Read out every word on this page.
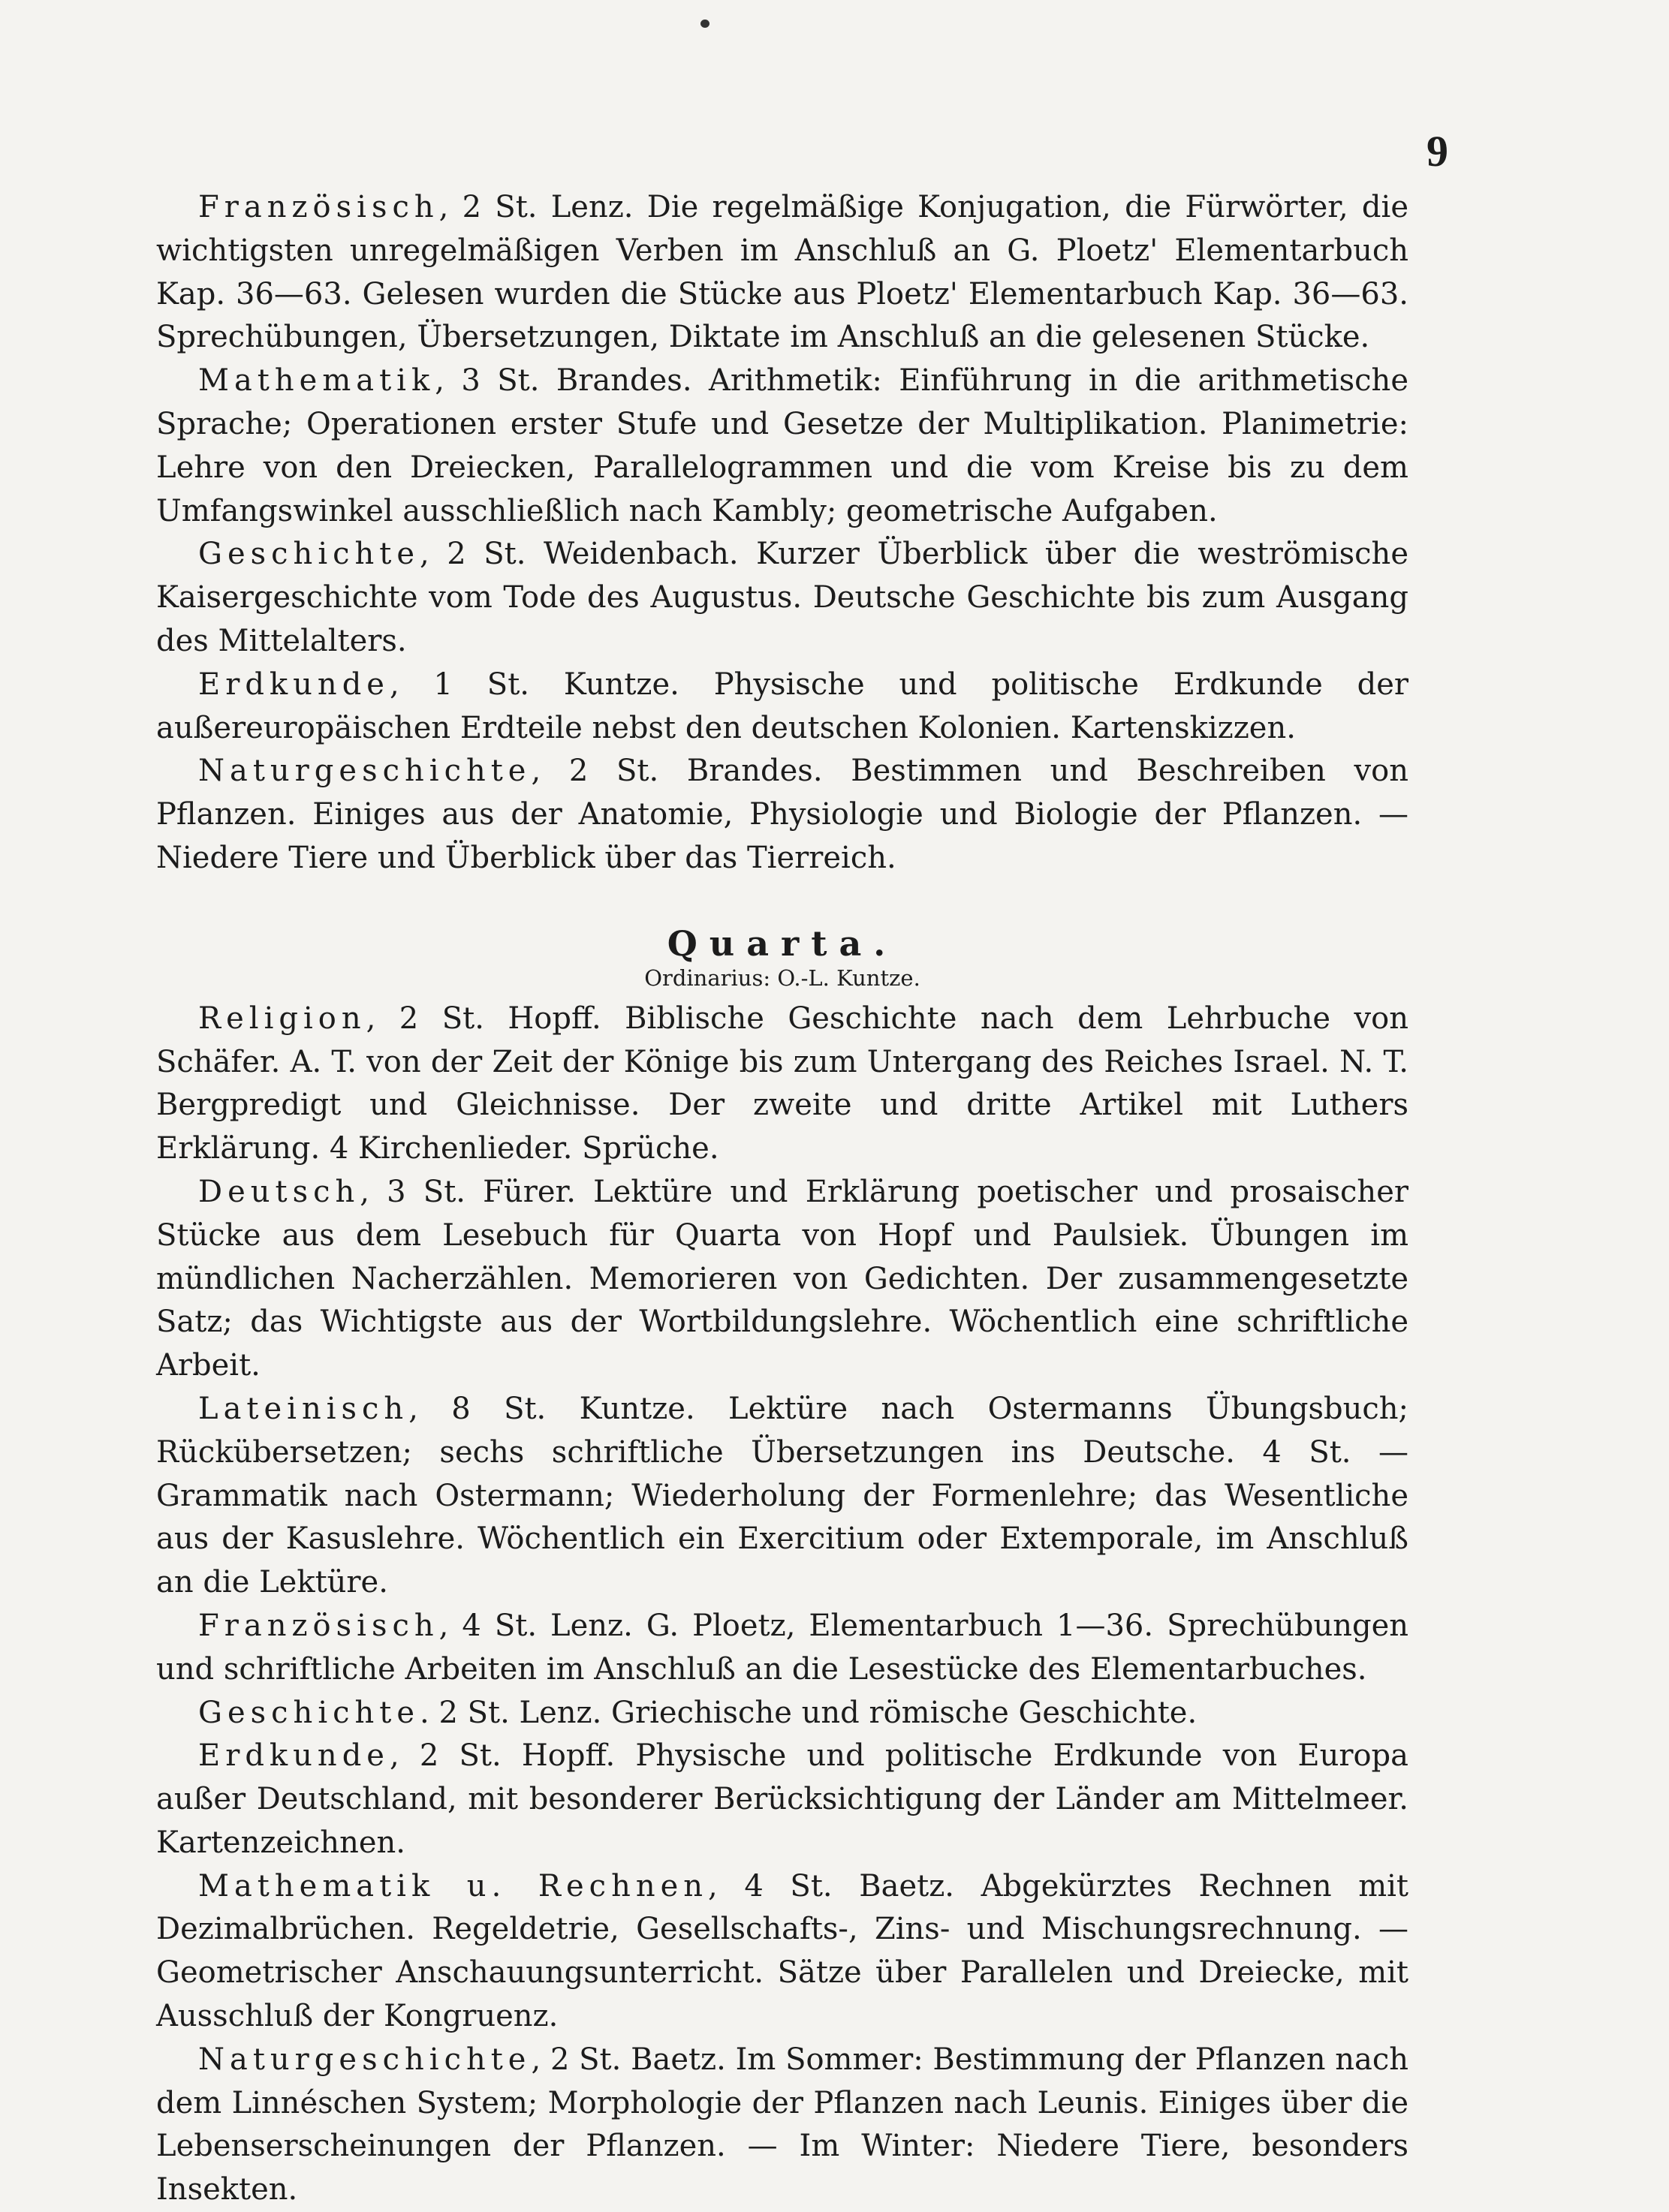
9

Französisch, 2 St. Lenz. Die regelmäßige Konjugation, die Fürwörter, die wichtigsten unregelmäßigen Verben im Anschluß an G. Ploetz' Elementarbuch Kap. 36—63. Gelesen wurden die Stücke aus Ploetz' Elementarbuch Kap. 36—63. Sprechübungen, Übersetzungen, Diktate im Anschluß an die gelesenen Stücke.

Mathematik, 3 St. Brandes. Arithmetik: Einführung in die arithmetische Sprache; Operationen erster Stufe und Gesetze der Multiplikation. Planimetrie: Lehre von den Dreiecken, Parallelogrammen und die vom Kreise bis zu dem Umfangswinkel ausschließlich nach Kambly; geometrische Aufgaben.

Geschichte, 2 St. Weidenbach. Kurzer Überblick über die weströmische Kaisergeschichte vom Tode des Augustus. Deutsche Geschichte bis zum Ausgang des Mittelalters.

Erdkunde, 1 St. Kuntze. Physische und politische Erdkunde der außereuropäischen Erdteile nebst den deutschen Kolonien. Kartenskizzen.

Naturgeschichte, 2 St. Brandes. Bestimmen und Beschreiben von Pflanzen. Einiges aus der Anatomie, Physiologie und Biologie der Pflanzen. — Niedere Tiere und Überblick über das Tierreich.

Quarta.
Ordinarius: O.-L. Kuntze.

Religion, 2 St. Hopff. Biblische Geschichte nach dem Lehrbuche von Schäfer. A. T. von der Zeit der Könige bis zum Untergang des Reiches Israel. N. T. Bergpredigt und Gleichnisse. Der zweite und dritte Artikel mit Luthers Erklärung. 4 Kirchenlieder. Sprüche.

Deutsch, 3 St. Fürer. Lektüre und Erklärung poetischer und prosaischer Stücke aus dem Lesebuch für Quarta von Hopf und Paulsiek. Übungen im mündlichen Nacherzählen. Memorieren von Gedichten. Der zusammengesetzte Satz; das Wichtigste aus der Wortbildungslehre. Wöchentlich eine schriftliche Arbeit.

Lateinisch, 8 St. Kuntze. Lektüre nach Ostermanns Übungsbuch; Rückübersetzen; sechs schriftliche Übersetzungen ins Deutsche. 4 St. — Grammatik nach Ostermann; Wiederholung der Formenlehre; das Wesentliche aus der Kasuslehre. Wöchentlich ein Exercitium oder Extemporale, im Anschluß an die Lektüre.

Französisch, 4 St. Lenz. G. Ploetz, Elementarbuch 1—36. Sprechübungen und schriftliche Arbeiten im Anschluß an die Lesestücke des Elementarbuches.

Geschichte. 2 St. Lenz. Griechische und römische Geschichte.

Erdkunde, 2 St. Hopff. Physische und politische Erdkunde von Europa außer Deutschland, mit besonderer Berücksichtigung der Länder am Mittelmeer. Kartenzeichnen.

Mathematik u. Rechnen, 4 St. Baetz. Abgekürztes Rechnen mit Dezimalbrüchen. Regeldetrie, Gesellschafts-, Zins- und Mischungsrechnung. — Geometrischer Anschauungsunterricht. Sätze über Parallelen und Dreiecke, mit Ausschluß der Kongruenz.

Naturgeschichte, 2 St. Baetz. Im Sommer: Bestimmung der Pflanzen nach dem Linnéschen System; Morphologie der Pflanzen nach Leunis. Einiges über die Lebenserscheinungen der Pflanzen. — Im Winter: Niedere Tiere, besonders Insekten.
